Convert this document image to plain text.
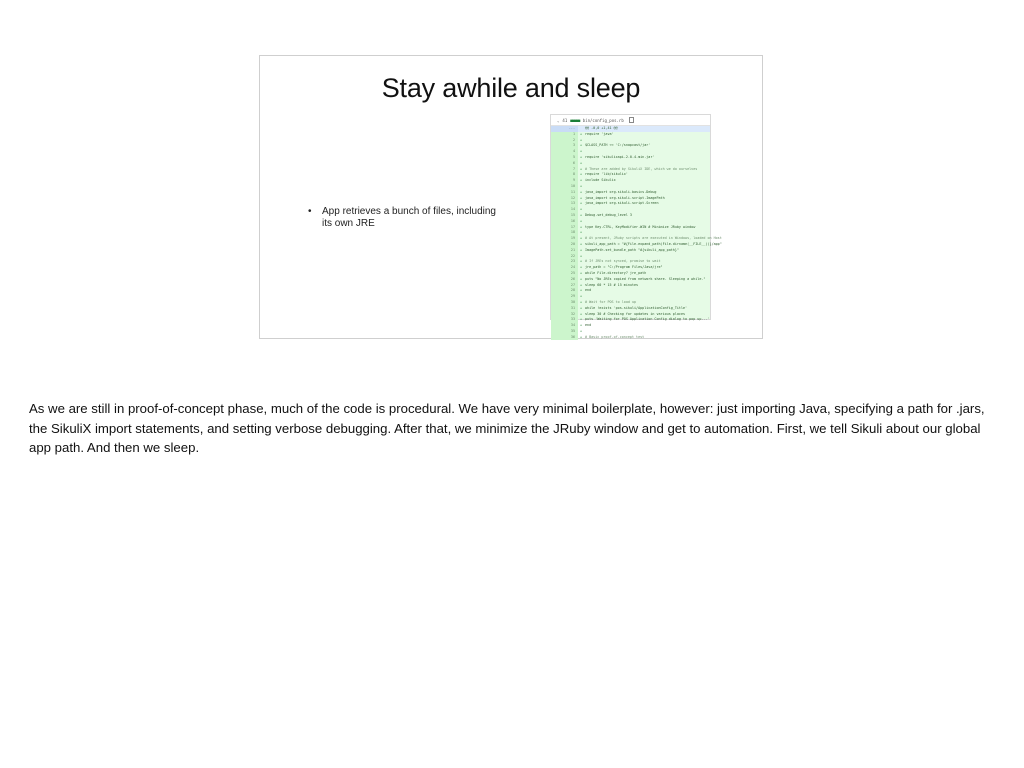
Stay awhile and sleep
• App retrieves a bunch of files, including its own JRE
⌄ 41 ■■■■■ bin/config_pos.rb
...	@@ -0,0 +1,41 @@
1	+ require 'java'
2	+
3	+ $CLASS_PATH << 'C:/snapcast/jar'
4	+
5	+ require 'sikulixapi-2.0.4-min.jar'
6	+
7	+ # These are added by SikuliX IDE, which we do ourselves
8	+ require 'lib/sikulix'
9	+ include Sikulix
10	+
11	+ java_import org.sikuli.basics.Debug
12	+ java_import org.sikuli.script.ImagePath
13	+ java_import org.sikuli.script.Screen
14	+
15	+ Debug.set_debug_level 3
16	+
17	+ type Key.CTRL, KeyModifier.WIN # Minimize JRuby window
18	+
19	+ # At present, JRuby scripts are executed in Windows, loaded on Host
20	+ sikuli_app_path = "#{File.expand_path(File.dirname(__FILE__))}/app"
21	+ ImagePath.set_bundle_path "#{sikuli_app_path}"
22	+
23	+ # If JREs not synced, promise to wait
24	+ jre_path = "C:/Program Files/Java/jre"
25	+ while File.directory? jre_path
26	+ puts "No JREs copied from network share. Sleeping a while."
27	+ sleep 60 * 15 # 15 minutes
28	+ end
29	+
30	+ # Wait for POS to load up
31	+ while !exists 'pos-sikuli/ApplicationConfig_Title'
32	+ sleep 30 # Checking for updates in various places
33	+ puts 'Waiting for POS Application Config dialog to pop up...'
34	+ end
35	+
36	+ # Basic proof-of-concept test

As we are still in proof-of-concept phase, much of the code is procedural. We have very minimal boilerplate, however: just importing Java, specifying a path for .jars, the SikuliX import statements, and setting verbose debugging. After that, we minimize the JRuby window and get to automation. First, we tell Sikuli about our global app path. And then we sleep.
